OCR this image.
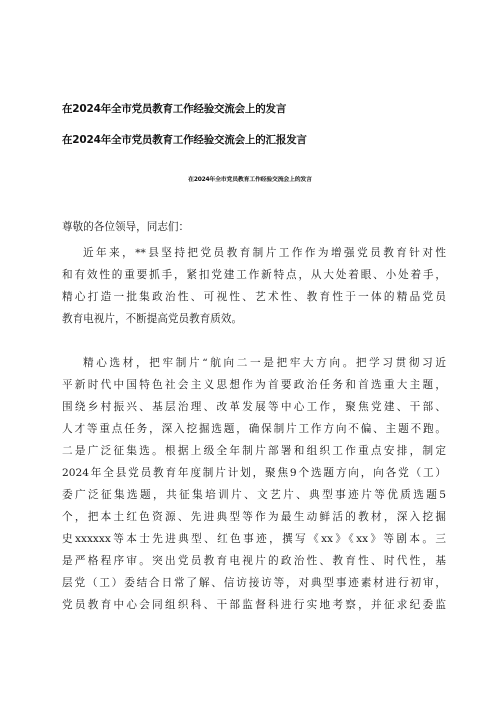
在2024年全市党员教育工作经验交流会上的发言
在2024年全市党员教育工作经验交流会上的汇报发言
在2024年全市党员教育工作经验交流会上的发言
尊敬的各位领导，同志们：
近年来，**县坚持把党员教育制片工作作为增强党员教育针对性
和有效性的重要抓手，紧扣党建工作新特点，从大处着眼、小处着手，
精心打造一批集政治性、可视性、艺术性、教育性于一体的精品党员
教育电视片，不断提高党员教育质效。
精心选材，把牢制片“航向二一是把牢大方向。把学习贯彻习近
平新时代中国特色社会主义思想作为首要政治任务和首选重大主题，
围绕乡村振兴、基层治理、改革发展等中心工作，聚焦党建、干部、
人才等重点任务，深入挖掘选题，确保制片工作方向不偏、主题不跑。
二是广泛征集选。根据上级全年制片部署和组织工作重点安排，制定
2024年全县党员教育年度制片计划，聚焦9个选题方向，向各党（工）
委广泛征集选题，共征集培训片、文艺片、典型事迹片等优质选题5
个，把本土红色资源、先进典型等作为最生动鲜活的教材，深入挖掘
史xxxxxx等本士先进典型、红色事迹，撰写《xx》《xx》等剧本。三
是严格程序审。突出党员教育电视片的政治性、教育性、时代性，基
层党（工）委结合日常了解、信访接访等，对典型事迹素材进行初审，
党员教育中心会同组织科、干部监督科进行实地考察，并征求纪委监
